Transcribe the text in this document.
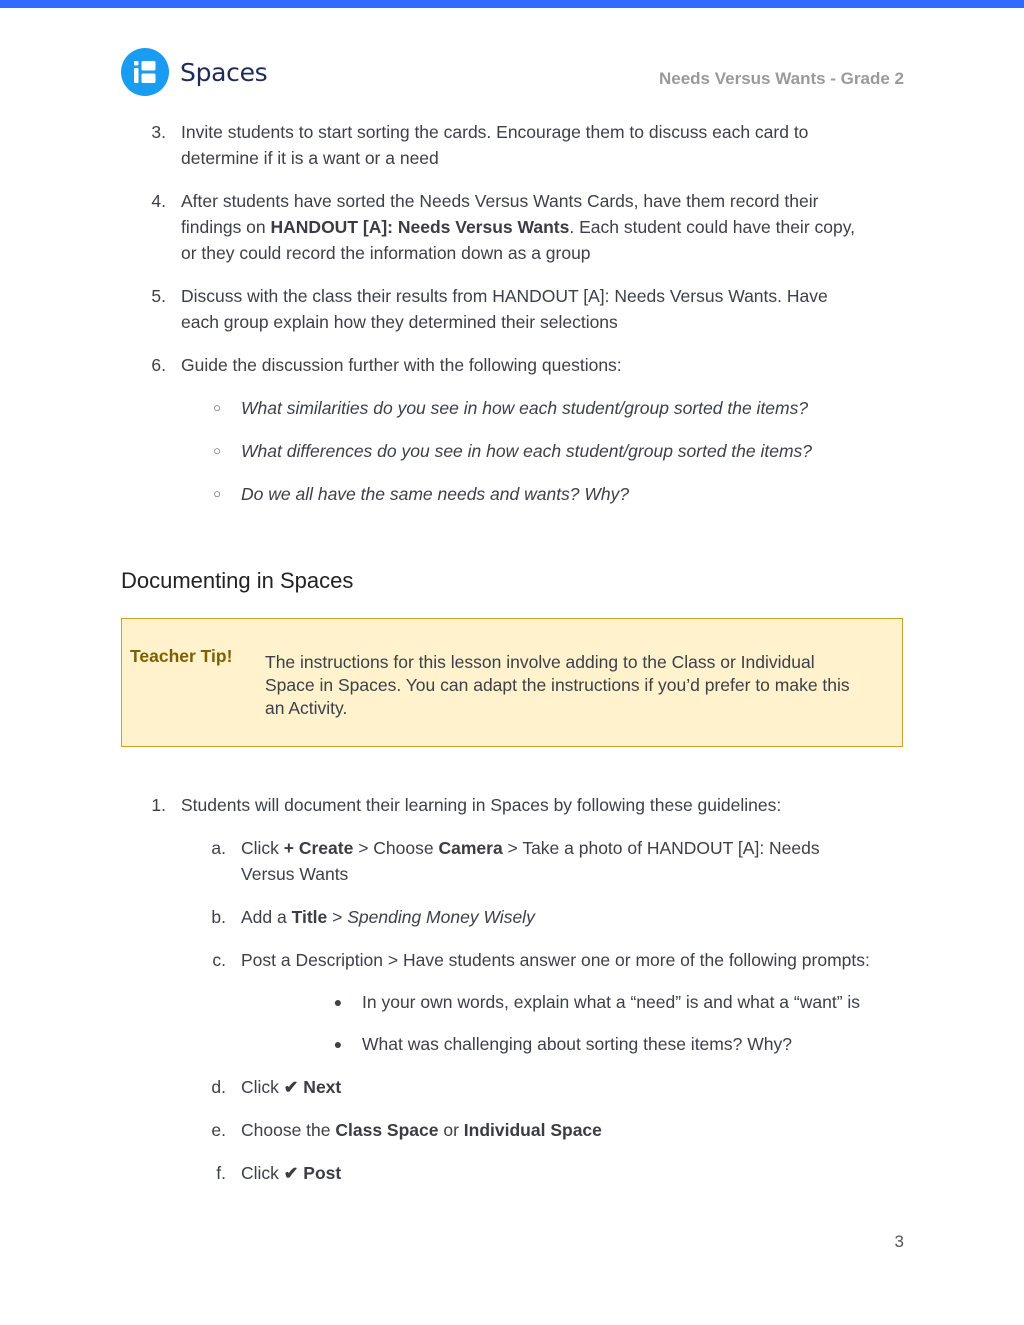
Spaces	Needs Versus Wants - Grade 2
3. Invite students to start sorting the cards. Encourage them to discuss each card to
determine if it is a want or a need
4. After students have sorted the Needs Versus Wants Cards, have them record their
findings on HANDOUT [A]: Needs Versus Wants. Each student could have their copy,
or they could record the information down as a group
5. Discuss with the class their results from HANDOUT [A]: Needs Versus Wants. Have
each group explain how they determined their selections
6. Guide the discussion further with the following questions:
○ What similarities do you see in how each student/group sorted the items?
○ What differences do you see in how each student/group sorted the items?
○ Do we all have the same needs and wants? Why?
Documenting in Spaces
Teacher Tip! The instructions for this lesson involve adding to the Class or Individual
Space in Spaces. You can adapt the instructions if you’d prefer to make this
an Activity.
1. Students will document their learning in Spaces by following these guidelines:
a. Click + Create > Choose Camera > Take a photo of HANDOUT [A]: Needs
Versus Wants
b. Add a Title > Spending Money Wisely
c. Post a Description > Have students answer one or more of the following prompts:
● In your own words, explain what a “need” is and what a “want” is
● What was challenging about sorting these items? Why?
d. Click ✔ Next
e. Choose the Class Space or Individual Space
f. Click ✔ Post
3
